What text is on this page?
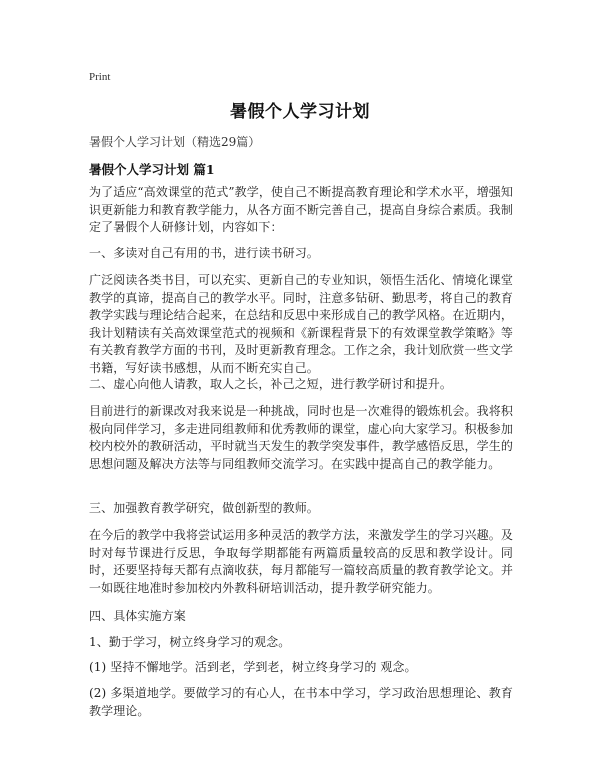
Print
暑假个人学习计划
暑假个人学习计划（精选29篇）
暑假个人学习计划 篇1

为了适应“高效课堂的范式”教学，使自己不断提高教育理论和学术水平，增强知识更新能力和教育教学能力，从各方面不断完善自己，提高自身综合素质。我制定了暑假个人研修计划，内容如下：

一、多读对自己有用的书，进行读书研习。

广泛阅读各类书目，可以充实、更新自己的专业知识，领悟生活化、情境化课堂教学的真谛，提高自己的教学水平。同时，注意多钻研、勤思考，将自己的教育教学实践与理论结合起来，在总结和反思中来形成自己的教学风格。在近期内，我计划精读有关高效课堂范式的视频和《新课程背景下的有效课堂教学策略》等有关教育教学方面的书刊，及时更新教育理念。工作之余，我计划欣赏一些文学书籍，写好读书感想，从而不断充实自己。

二、虚心向他人请教，取人之长，补己之短，进行教学研讨和提升。

目前进行的新课改对我来说是一种挑战，同时也是一次难得的锻炼机会。我将积极向同伴学习，多走进同组教师和优秀教师的课堂，虚心向大家学习。积极参加校内校外的教研活动，平时就当天发生的教学突发事件，教学感悟反思，学生的思想问题及解决方法等与同组教师交流学习。在实践中提高自己的教学能力。

三、加强教育教学研究，做创新型的教师。

在今后的教学中我将尝试运用多种灵活的教学方法，来激发学生的学习兴趣。及时对每节课进行反思，争取每学期都能有两篇质量较高的反思和教学设计。同时，还要坚持每天都有点滴收获，每月都能写一篇较高质量的教育教学论文。并一如既往地准时参加校内外教科研培训活动，提升教学研究能力。

四、具体实施方案

1、勤于学习，树立终身学习的观念。

(1) 坚持不懈地学。活到老，学到老，树立终身学习的 观念。

(2) 多渠道地学。要做学习的有心人，在书本中学习，学习政治思想理论、教育教学理论。
